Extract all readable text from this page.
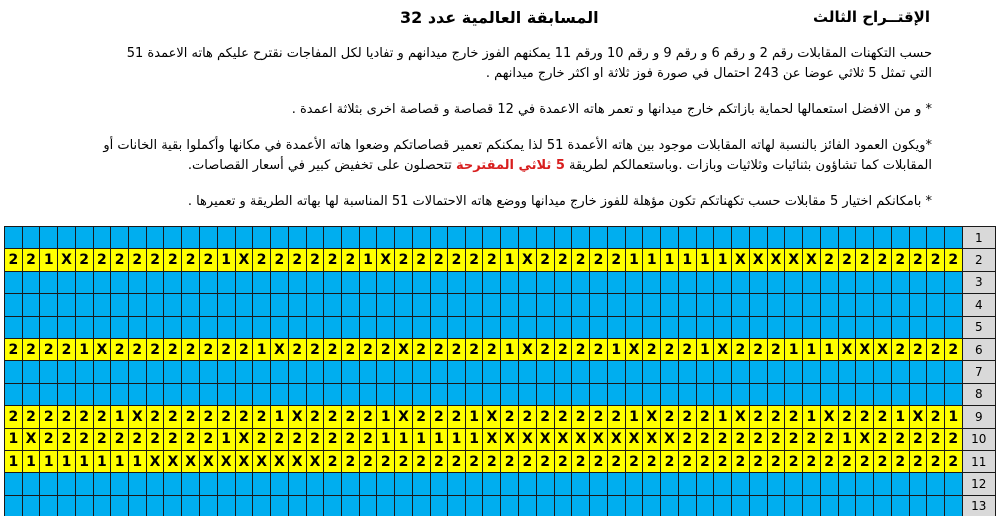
الإقتــراح الثالث
المسابقة العالمية عدد 32
حسب التكهنات المقابلات رقم 2 و رقم 6 و رقم 9 و رقم 10 ورقم 11 يمكنهم الفوز خارج ميدانهم و تفاديا لكل المفاجات نقترح عليكم هاته الاعمدة 51
التي تمثل 5 ثلاثي عوضا عن 243 احتمال في صورة فوز ثلاثة او اكثر خارج ميدانهم .
* و من الافضل استعمالها لحماية بازاتكم خارج ميدانها و تعمر هاته الاعمدة في 12 قصاصة و قصاصة اخرى بثلاثة اعمدة .
*ويكون العمود الفائز بالنسبة لهاته المقابلات موجود بين هاته الأعمدة 51 لذا يمكنكم تعمير قصاصاتكم وضعوا هاته الأعمدة في مكانها وأكملوا بقية الخانات أو
المقابلات كما تشاؤون بثنائيات وثلاثيات وبازات .وباستعمالكم لطريقة 5 ثلاثي المقترحة تتحصلون على تخفيض كبير في أسعار القصاصات.
* بامكانكم اختيار 5 مقابلات حسب تكهناتكم تكون مؤهلة للفوز خارج ميدانها ووضع هاته الاحتمالات 51 المناسبة لها بهاته الطريقة و تعميرها .
																																																						1
2	2	1	X	2	2	2	2	2	2	2	2	1	X	2	2	2	2	2	2	1	X	2	2	2	2	2	2	1	X	2	2	2	2	2	1	1	1	1	1	1	X	X	X	X	X	2	2	2	2	2	2	2	2	2
																																																						3
																																																						4
																																																						5
2	2	2	2	1	X	2	2	2	2	2	2	2	2	1	X	2	2	2	2	2	2	X	2	2	2	2	2	1	X	2	2	2	2	1	X	2	2	2	1	X	2	2	2	1	1	1	X	X	X	2	2	2	2	6
																																																						7
																																																						8
2	2	2	2	2	2	1	X	2	2	2	2	2	2	2	1	X	2	2	2	2	1	X	2	2	2	1	X	2	2	2	2	2	2	2	1	X	2	2	2	1	X	2	2	2	1	X	2	2	2	1	X	2	1	9
1	X	2	2	2	2	2	2	2	2	2	2	1	X	2	2	2	2	2	2	2	1	1	1	1	1	1	X	X	X	X	X	X	X	X	X	X	X	2	2	2	2	2	2	2	2	2	1	X	2	2	2	2	2	10
1	1	1	1	1	1	1	1	X	X	X	X	X	X	X	X	X	X	2	2	2	2	2	2	2	2	2	2	2	2	2	2	2	2	2	2	2	2	2	2	2	2	2	2	2	2	2	2	2	2	2	2	2	2	11
																																																						12
																																																						13
